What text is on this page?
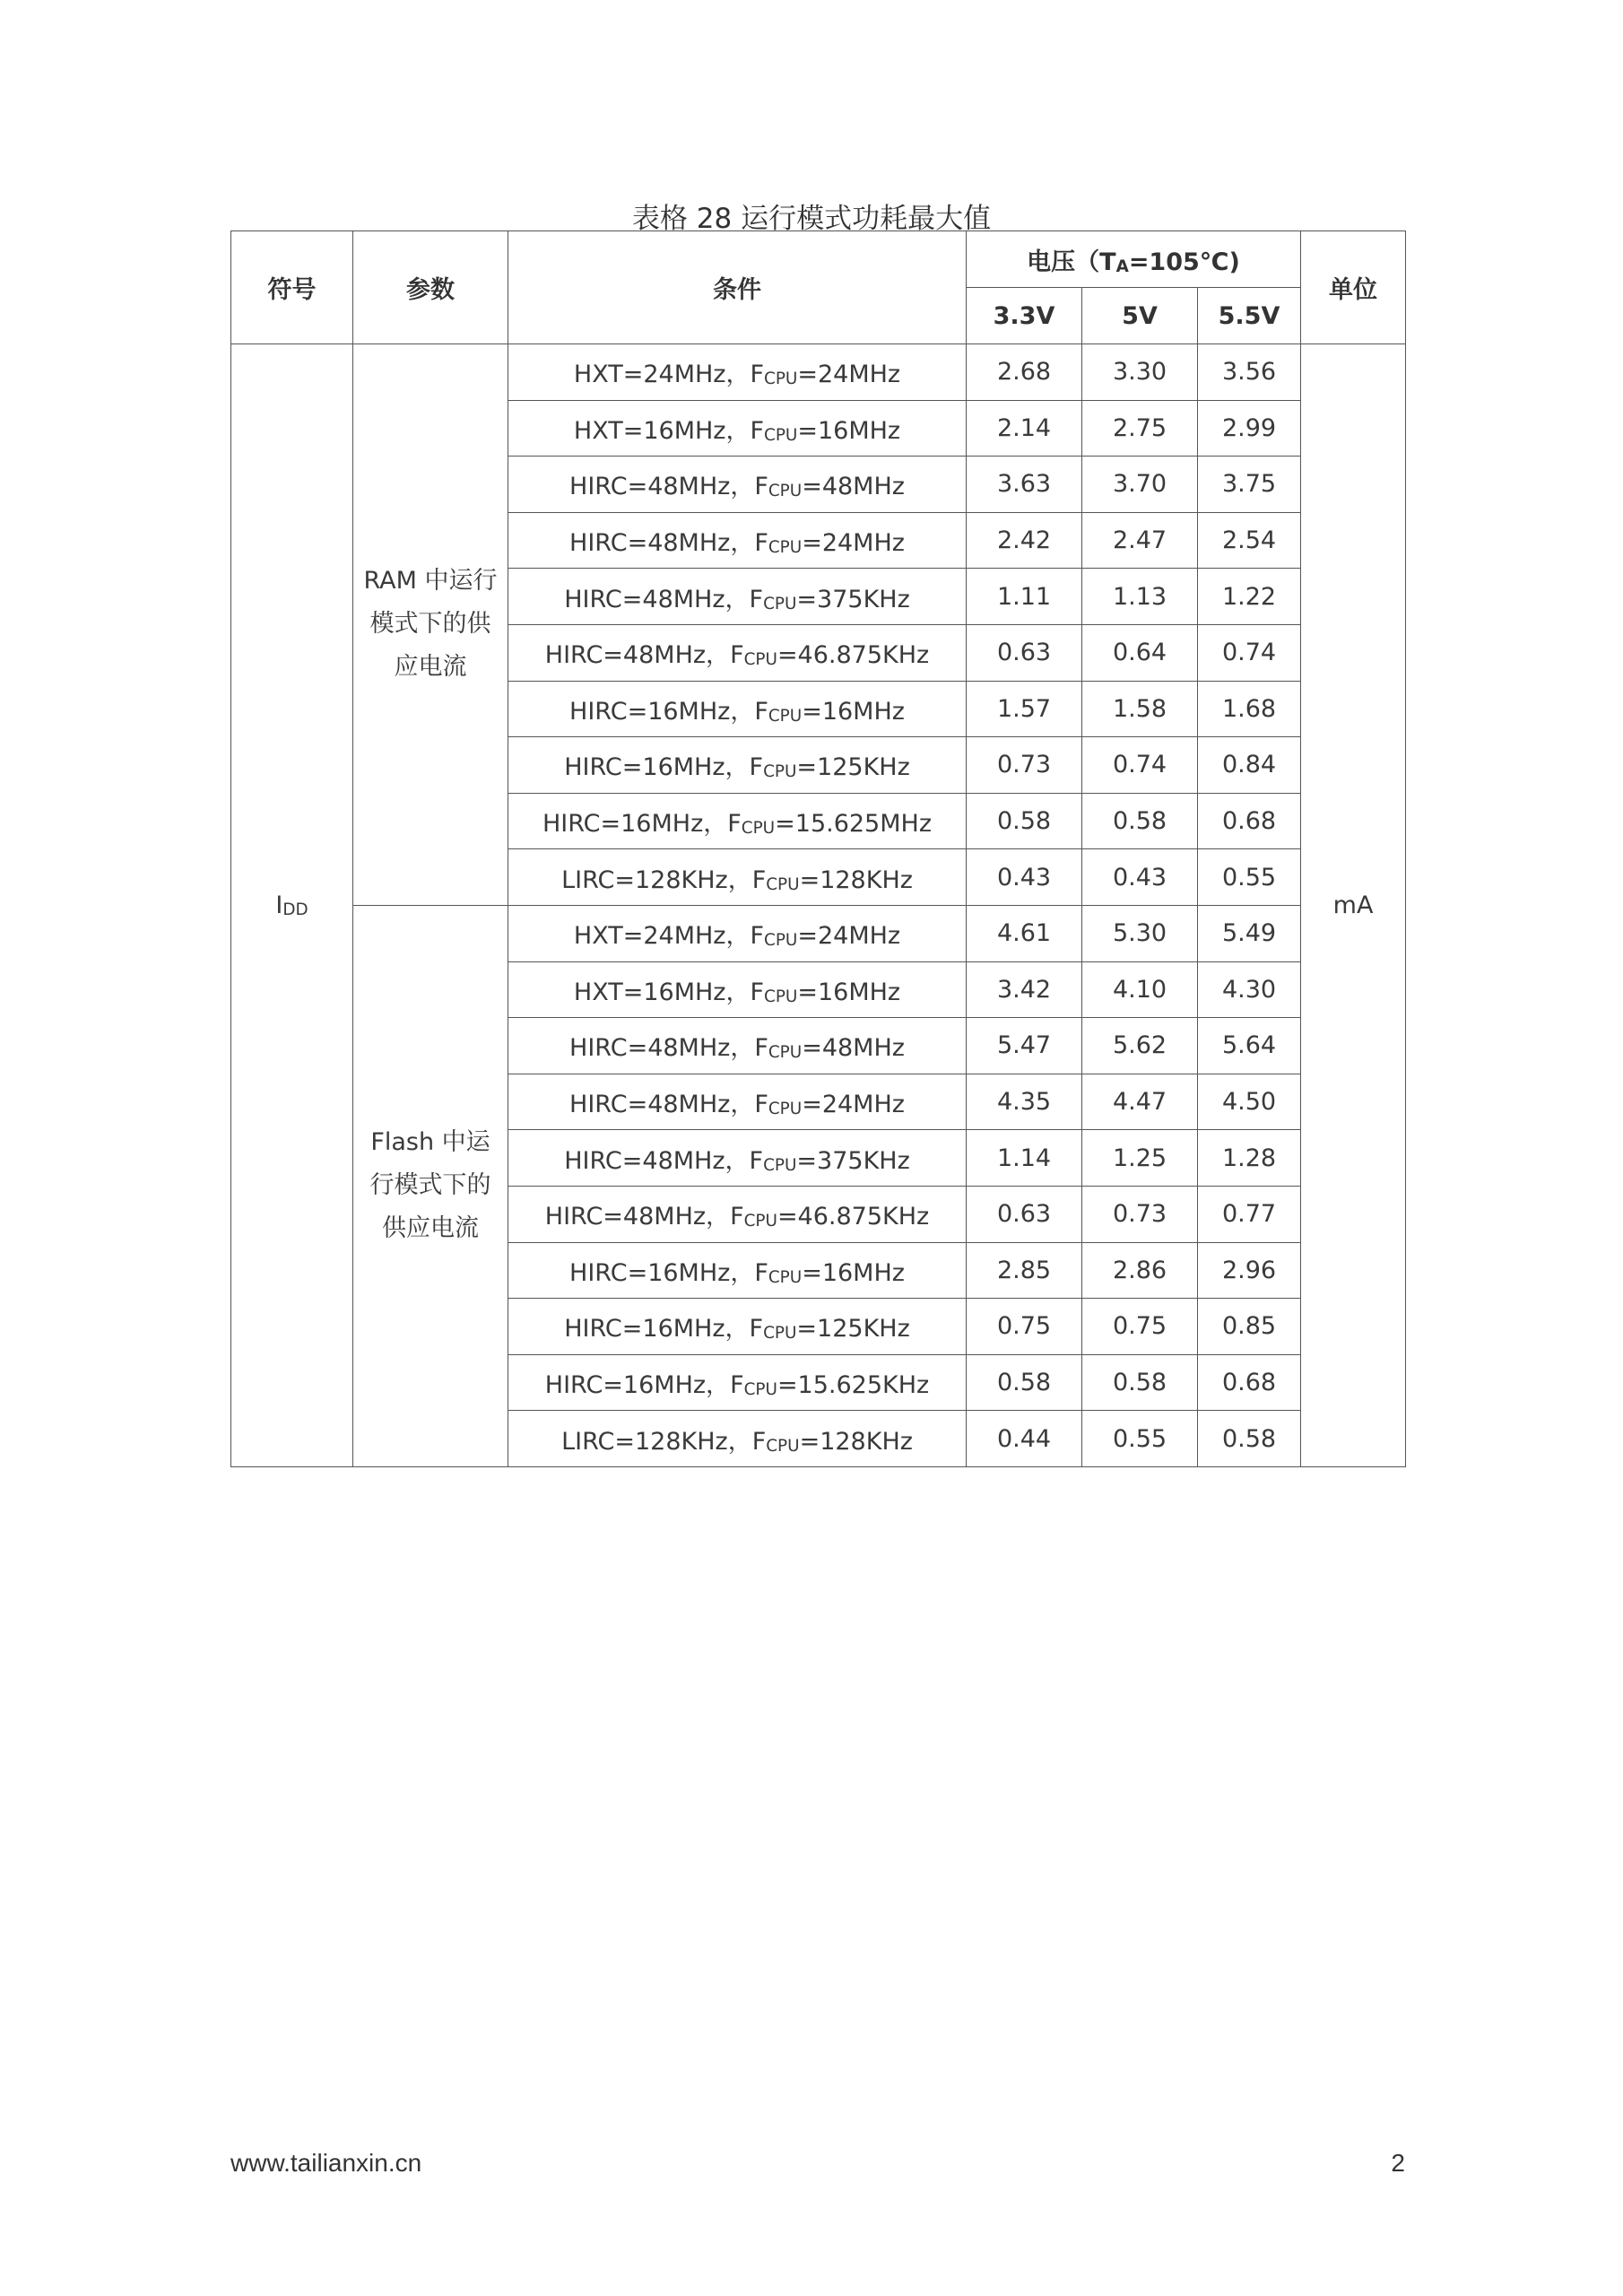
表格 28 运行模式功耗最大值
符号	参数	条件	电压（TA=105℃)			单位
			3.3V	5V	5.5V	
IDD	RAM 中运行模式下的供应电流	HXT=24MHz，FCPU=24MHz	2.68	3.30	3.56	mA
		HXT=16MHz，FCPU=16MHz	2.14	2.75	2.99	
		HIRC=48MHz，FCPU=48MHz	3.63	3.70	3.75	
		HIRC=48MHz，FCPU=24MHz	2.42	2.47	2.54	
		HIRC=48MHz，FCPU=375KHz	1.11	1.13	1.22	
		HIRC=48MHz，FCPU=46.875KHz	0.63	0.64	0.74	
		HIRC=16MHz，FCPU=16MHz	1.57	1.58	1.68	
		HIRC=16MHz，FCPU=125KHz	0.73	0.74	0.84	
		HIRC=16MHz，FCPU=15.625MHz	0.58	0.58	0.68	
		LIRC=128KHz，FCPU=128KHz	0.43	0.43	0.55	
	Flash 中运行模式下的供应电流	HXT=24MHz，FCPU=24MHz	4.61	5.30	5.49	
		HXT=16MHz，FCPU=16MHz	3.42	4.10	4.30	
		HIRC=48MHz，FCPU=48MHz	5.47	5.62	5.64	
		HIRC=48MHz，FCPU=24MHz	4.35	4.47	4.50	
		HIRC=48MHz，FCPU=375KHz	1.14	1.25	1.28	
		HIRC=48MHz，FCPU=46.875KHz	0.63	0.73	0.77	
		HIRC=16MHz，FCPU=16MHz	2.85	2.86	2.96	
		HIRC=16MHz，FCPU=125KHz	0.75	0.75	0.85	
		HIRC=16MHz，FCPU=15.625KHz	0.58	0.58	0.68	
		LIRC=128KHz，FCPU=128KHz	0.44	0.55	0.58	
www.tailianxin.cn	2
